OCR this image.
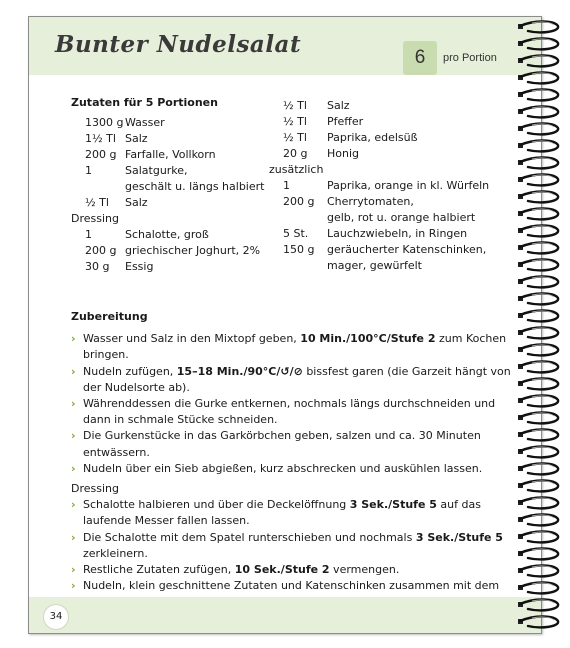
Bunter Nudelsalat	6	pro Portion
Zutaten für 5 Portionen
1300 g Wasser
1½ Tl Salz
200 g Farfalle, Vollkorn
1	Salatgurke,
geschält u. längs halbiert
½ Tl	Salz
Dressing
1	Schalotte, groß
200 g griechischer Joghurt, 2%
30 g	Essig
½ Tl	Salz
½ Tl	Pfeffer
½ Tl	Paprika, edelsüß
20 g	Honig
zusätzlich
1	Paprika, orange in kl. Würfeln
200 g	Cherrytomaten,
gelb, rot u. orange halbiert
5 St.	Lauchzwiebeln, in Ringen
150 g	geräucherter Katenschinken,
mager, gewürfelt
Zubereitung
› Wasser und Salz in den Mixtopf geben, 10 Min./100°C/Stufe 2 zum Kochen bringen.
› Nudeln zufügen, 15–18 Min./90°C/↺/⊘ bissfest garen (die Garzeit hängt von der Nudelsorte ab).
› Währenddessen die Gurke entkernen, nochmals längs durchschneiden und dann in schmale Stücke schneiden.
› Die Gurkenstücke in das Garkörbchen geben, salzen und ca. 30 Minuten entwässern.
› Nudeln über ein Sieb abgießen, kurz abschrecken und auskühlen lassen.
Dressing
› Schalotte halbieren und über die Deckelöffnung 3 Sek./Stufe 5 auf das laufende Messer fallen lassen.
› Die Schalotte mit dem Spatel runterschieben und nochmals 3 Sek./Stufe 5 zerkleinern.
› Restliche Zutaten zufügen, 10 Sek./Stufe 2 vermengen.
› Nudeln, klein geschnittene Zutaten und Katenschinken zusammen mit dem
34
